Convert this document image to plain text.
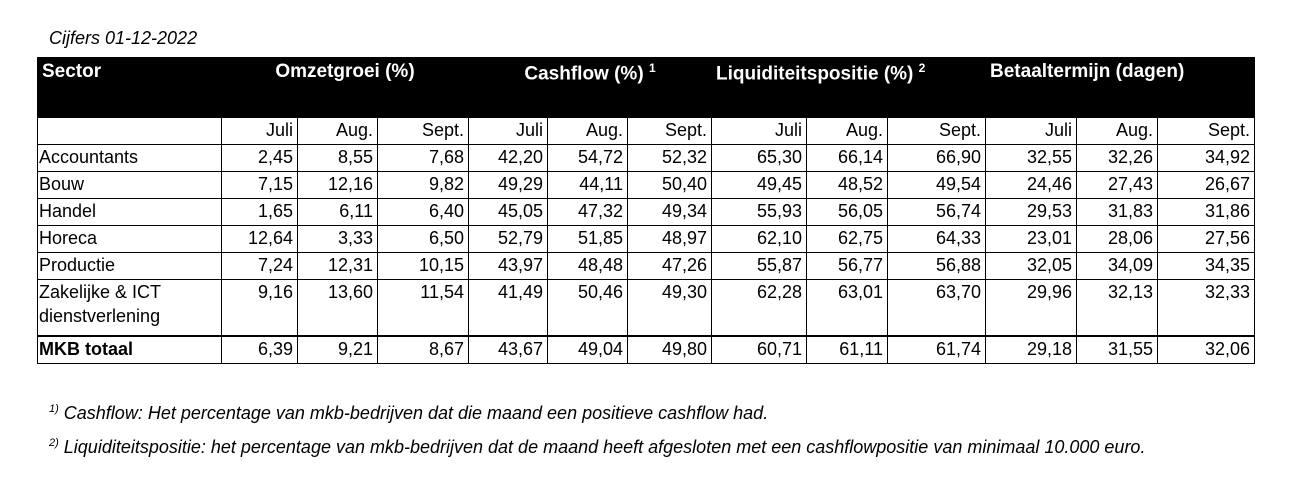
Cijfers 01-12-2022
Sector	Omzetgroei (%)			Cashflow (%) $^1$			Liquiditeitspositie (%) $^2$			Betaaltermijn (dagen)		
	Juli	Aug.	Sept.	Juli	Aug.	Sept.	Juli	Aug.	Sept.	Juli	Aug.	Sept.
Accountants	2,45	8,55	7,68	42,20	54,72	52,32	65,30	66,14	66,90	32,55	32,26	34,92
Bouw	7,15	12,16	9,82	49,29	44,11	50,40	49,45	48,52	49,54	24,46	27,43	26,67
Handel	1,65	6,11	6,40	45,05	47,32	49,34	55,93	56,05	56,74	29,53	31,83	31,86
Horeca	12,64	3,33	6,50	52,79	51,85	48,97	62,10	62,75	64,33	23,01	28,06	27,56
Productie	7,24	12,31	10,15	43,97	48,48	47,26	55,87	56,77	56,88	32,05	34,09	34,35
Zakelijke & ICT dienstverlening	9,16	13,60	11,54	41,49	50,46	49,30	62,28	63,01	63,70	29,96	32,13	32,33
MKB totaal	6,39	9,21	8,67	43,67	49,04	49,80	60,71	61,11	61,74	29,18	31,55	32,06
$^{1)}$ Cashflow: Het percentage van mkb-bedrijven dat die maand een positieve cashflow had.
$^{2)}$ Liquiditeitspositie: het percentage van mkb-bedrijven dat de maand heeft afgesloten met een cashflowpositie van minimaal 10.000 euro.
